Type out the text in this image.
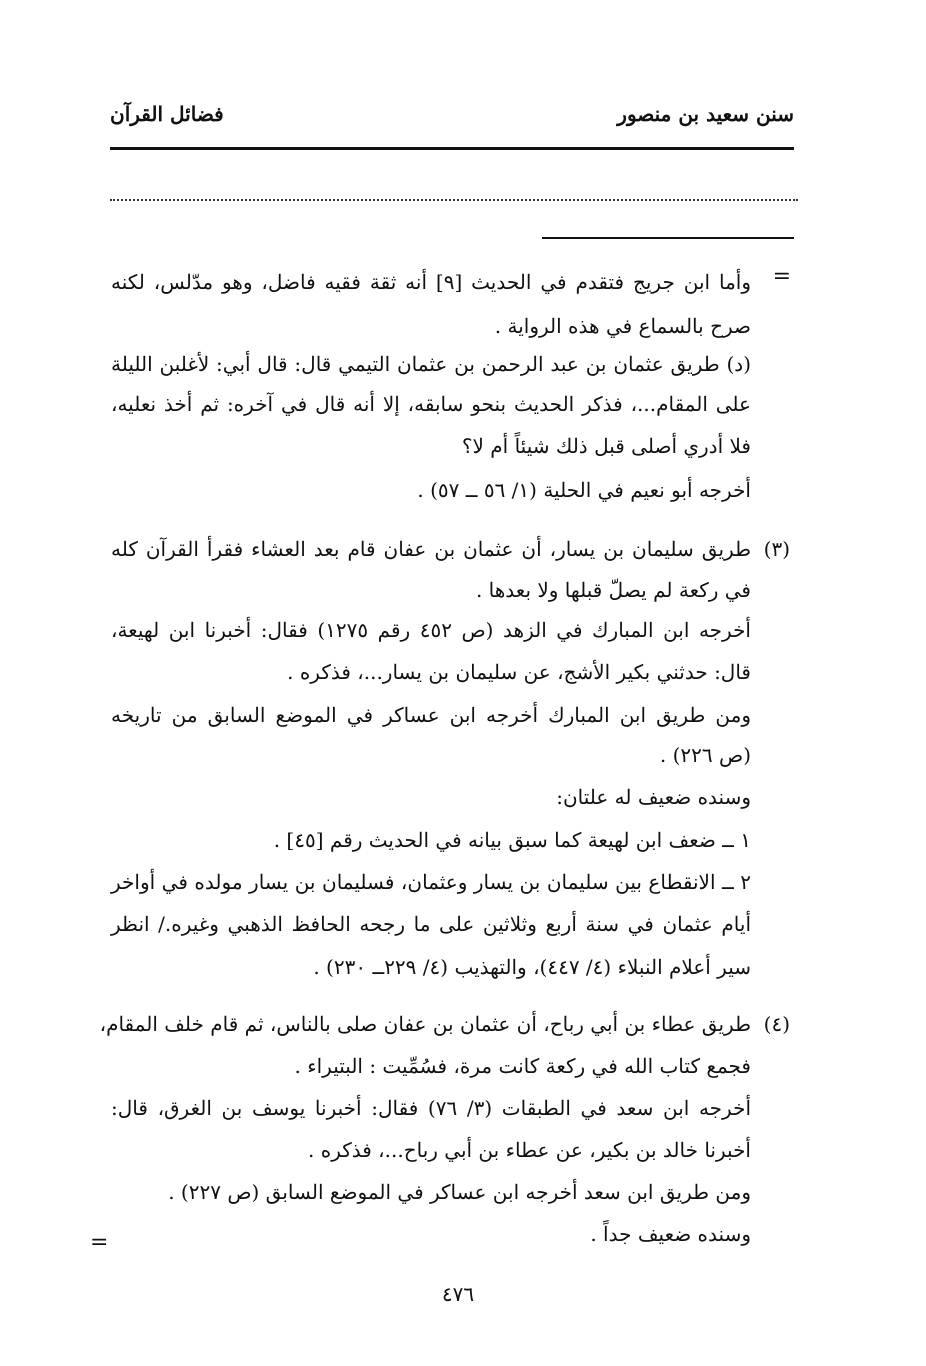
سنن سعيد بن منصور
فضائل القرآن
=
وأما ابن جريج فتقدم في الحديث [٩] أنه ثقة فقيه فاضل، وهو مدّلس، لكنه
صرح بالسماع في هذه الرواية .
(د) طريق عثمان بن عبد الرحمن بن عثمان التيمي قال: قال أبي: لأغلبن الليلة
على المقام...، فذكر الحديث بنحو سابقه، إلا أنه قال في آخره: ثم أخذ نعليه،
فلا أدري أصلى قبل ذلك شيئاً أم لا؟
أخرجه أبو نعيم في الحلية (١/ ٥٦ ــ ٥٧) .
(٣)
طريق سليمان بن يسار، أن عثمان بن عفان قام بعد العشاء فقرأ القرآن كله
في ركعة لم يصلّ قبلها ولا بعدها .
أخرجه ابن المبارك في الزهد (ص ٤٥٢ رقم ١٢٧٥) فقال: أخبرنا ابن لهيعة،
قال: حدثني بكير الأشج، عن سليمان بن يسار...، فذكره .
ومن طريق ابن المبارك أخرجه ابن عساكر في الموضع السابق من تاريخه
(ص ٢٢٦) .
وسنده ضعيف له علتان:
١ ــ ضعف ابن لهيعة كما سبق بيانه في الحديث رقم [٤٥] .
٢ ــ الانقطاع بين سليمان بن يسار وعثمان، فسليمان بن يسار مولده في أواخر
أيام عثمان في سنة أربع وثلاثين على ما رجحه الحافظ الذهبي وغيره./ انظر
سير أعلام النبلاء (٤/ ٤٤٧)، والتهذيب (٤/ ٢٢٩ــ ٢٣٠) .
(٤)
طريق عطاء بن أبي رباح، أن عثمان بن عفان صلى بالناس، ثم قام خلف المقام،
فجمع كتاب الله في ركعة كانت مرة، فسُمِّيت : البتيراء .
أخرجه ابن سعد في الطبقات (٣/ ٧٦) فقال: أخبرنا يوسف بن الغرق، قال:
أخبرنا خالد بن بكير، عن عطاء بن أبي رباح...، فذكره .
ومن طريق ابن سعد أخرجه ابن عساكر في الموضع السابق (ص ٢٢٧) .
وسنده ضعيف جداً .
=
٤٧٦
